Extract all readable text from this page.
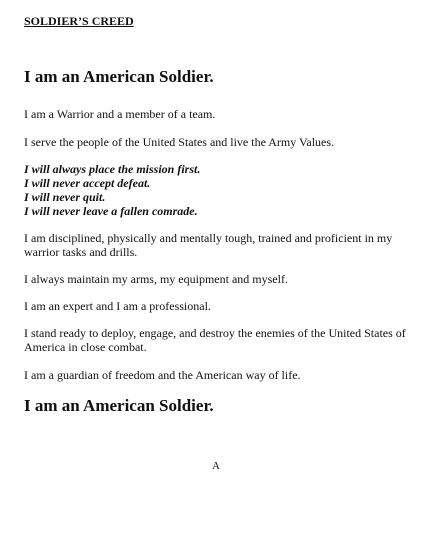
SOLDIER’S CREED
I am an American Soldier.
I am a Warrior and a member of a team.
I serve the people of the United States and live the Army Values.
I will always place the mission first.
I will never accept defeat.
I will never quit.
I will never leave a fallen comrade.
I am disciplined, physically and mentally tough, trained and proficient in my warrior tasks and drills.
I always maintain my arms, my equipment and myself.
I am an expert and I am a professional.
I stand ready to deploy, engage, and destroy the enemies of the United States of America in close combat.
I am a guardian of freedom and the American way of life.
I am an American Soldier.
A
